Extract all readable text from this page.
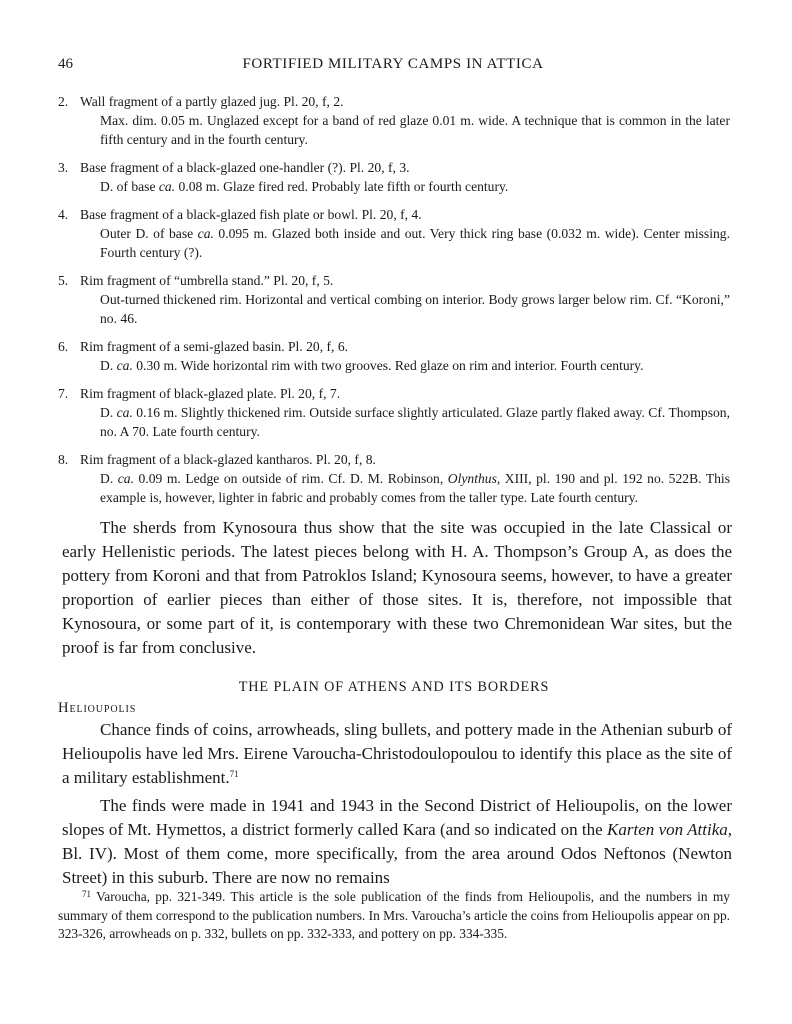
46	FORTIFIED MILITARY CAMPS IN ATTICA
2. Wall fragment of a partly glazed jug. Pl. 20, f, 2.
Max. dim. 0.05 m. Unglazed except for a band of red glaze 0.01 m. wide. A technique that is common in the later fifth century and in the fourth century.
3. Base fragment of a black-glazed one-handler (?). Pl. 20, f, 3.
D. of base ca. 0.08 m. Glaze fired red. Probably late fifth or fourth century.
4. Base fragment of a black-glazed fish plate or bowl. Pl. 20, f, 4.
Outer D. of base ca. 0.095 m. Glazed both inside and out. Very thick ring base (0.032 m. wide). Center missing. Fourth century (?).
5. Rim fragment of “umbrella stand.” Pl. 20, f, 5.
Out-turned thickened rim. Horizontal and vertical combing on interior. Body grows larger below rim. Cf. “Koroni,” no. 46.
6. Rim fragment of a semi-glazed basin. Pl. 20, f, 6.
D. ca. 0.30 m. Wide horizontal rim with two grooves. Red glaze on rim and interior. Fourth century.
7. Rim fragment of black-glazed plate. Pl. 20, f, 7.
D. ca. 0.16 m. Slightly thickened rim. Outside surface slightly articulated. Glaze partly flaked away. Cf. Thompson, no. A 70. Late fourth century.
8. Rim fragment of a black-glazed kantharos. Pl. 20, f, 8.
D. ca. 0.09 m. Ledge on outside of rim. Cf. D. M. Robinson, Olynthus, XIII, pl. 190 and pl. 192 no. 522B. This example is, however, lighter in fabric and probably comes from the taller type. Late fourth century.

The sherds from Kynosoura thus show that the site was occupied in the late Classical or early Hellenistic periods. The latest pieces belong with H. A. Thompson’s Group A, as does the pottery from Koroni and that from Patroklos Island; Kynosoura seems, however, to have a greater proportion of earlier pieces than either of those sites. It is, therefore, not impossible that Kynosoura, or some part of it, is contemporary with these two Chremonidean War sites, but the proof is far from conclusive.

THE PLAIN OF ATHENS AND ITS BORDERS
Helioupolis

Chance finds of coins, arrowheads, sling bullets, and pottery made in the Athenian suburb of Helioupolis have led Mrs. Eirene Varoucha-Christodoulopoulou to identify this place as the site of a military establishment.$^{71}$

The finds were made in 1941 and 1943 in the Second District of Helioupolis, on the lower slopes of Mt. Hymettos, a district formerly called Kara (and so indicated on the Karten von Attika, Bl. IV). Most of them come, more specifically, from the area around Odos Neftonos (Newton Street) in this suburb. There are now no remains

$^{71}$ Varoucha, pp. 321-349. This article is the sole publication of the finds from Helioupolis, and the numbers in my summary of them correspond to the publication numbers. In Mrs. Varoucha’s article the coins from Helioupolis appear on pp. 323-326, arrowheads on p. 332, bullets on pp. 332-333, and pottery on pp. 334-335.
